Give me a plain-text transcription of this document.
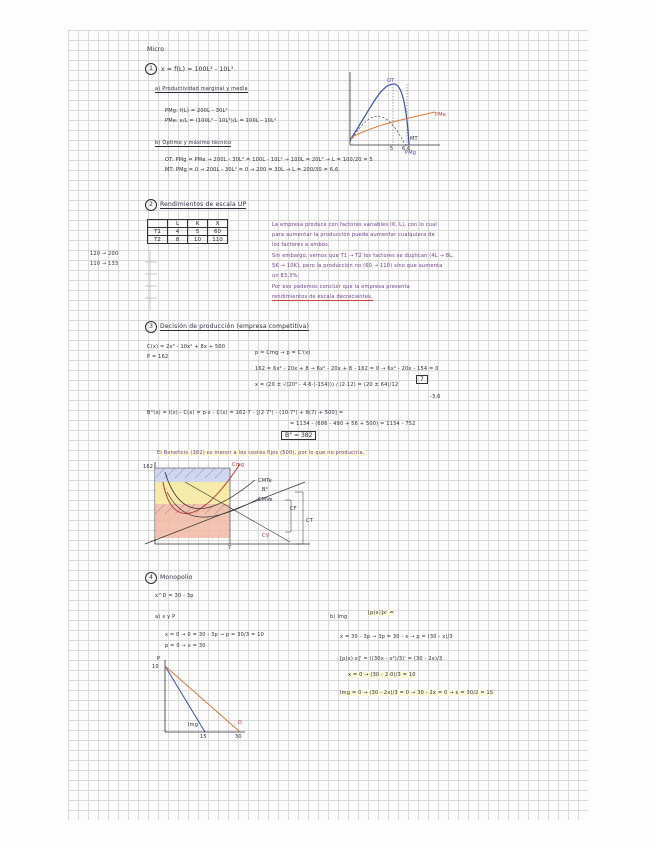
Micro
1	x = f(L) = 100L² - 10L³
a) Productividad marginal y media
PMg: f(L) = 200L - 30L²
PMe: x/L = (100L² - 10L³)/L = 100L - 10L²
b) Óptimo y máximo técnico
OT: PMg = PMe → 200L - 30L² = 100L - 10L² → 100L = 20L² → L = 100/20 = 5
MT: PMg = 0 → 200L - 30L² = 0 → 200 = 30L → L = 200/30 = 6,6
OT
PMe
MT
PMg
5 6,6
2	Rendimientos de escala UP
	L	K	X
T1	4	5	60
T2	8	10	110
120 → 200
110 → 133
La empresa produce con factores variables (K, L), con lo cual
para aumentar la producción puede aumentar cualquiera de
los factores a ambos.
Sin embargo, vemos que T1 → T2 los factores se duplican (4L → 8L,
5K → 10K), pero la producción no (60 → 110) sino que aumenta
un 83,3%.
Por eso podemos concluir que la empresa presenta
rendimientos de escala decrecientes.
3	Decisión de producción (empresa competitiva)
C(x) = 2x³ - 10x² + 8x + 500
P = 162
p = Cmg → p = C'(x)
162 = 6x² - 20x + 8 → 6x² - 20x + 8 - 162 = 0 → 6x² - 20x - 154 = 0
x = (20 ± √(20² - 4·6·(-154))) / (2·12) = (20 ± 64)/12
7
-3,6
B°(x) = I(x) - C(x) = p·x - C(x) = 162·7 - [(2·7³) - (10·7²) + 8(7) + 500] =
= 1134 - (686 - 490 + 56 + 500) = 1134 - 752
B° = 382
El Beneficio (382) es menor a los costes fijos (500), por lo que no produciría.
162	Cmg
CMTe
B°
CMVe
CF
CV
CT
7
4	Monopolio
x^D = 30 - 3p
a) x y P
x = 0 → 0 = 30 - 3p → p = 30/3 = 10
p = 0 → x = 30
b) Img
[p(x)]x' =
x = 30 - 3p → 3p = 30 - x → p = (30 - x)/3
[p(x)·x]' = ((30x - x²)/3)' = (30 - 2x)/3
x = 0 → (30 - 2·0)/3 = 10
Img = 0 → (30 - 2x)/3 = 0 → 30 - 2x = 0 → x = 30/2 = 15
P
10
Img	D
15	30
